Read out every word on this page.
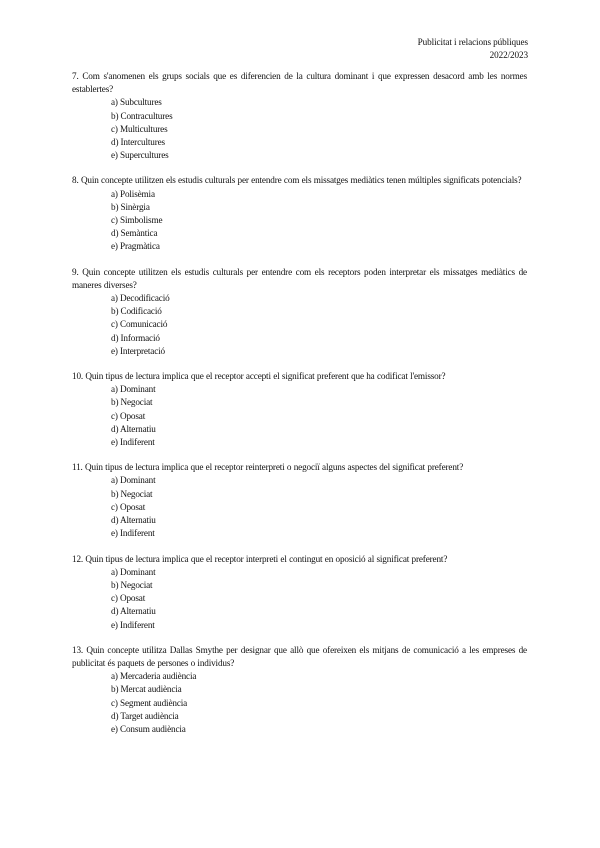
Publicitat i relacions públiques
2022/2023
7. Com s'anomenen els grups socials que es diferencien de la cultura dominant i que expressen desacord amb les normes establertes?
a) Subcultures
b) Contracultures
c) Multicultures
d) Intercultures
e) Supercultures
8. Quin concepte utilitzen els estudis culturals per entendre com els missatges mediàtics tenen múltiples significats potencials?
a) Polisèmia
b) Sinèrgia
c) Simbolisme
d) Semàntica
e) Pragmàtica
9. Quin concepte utilitzen els estudis culturals per entendre com els receptors poden interpretar els missatges mediàtics de maneres diverses?
a) Decodificació
b) Codificació
c) Comunicació
d) Informació
e) Interpretació
10. Quin tipus de lectura implica que el receptor accepti el significat preferent que ha codificat l'emissor?
a) Dominant
b) Negociat
c) Oposat
d) Alternatiu
e) Indiferent
11. Quin tipus de lectura implica que el receptor reinterpreti o negociï alguns aspectes del significat preferent?
a) Dominant
b) Negociat
c) Oposat
d) Alternatiu
e) Indiferent
12. Quin tipus de lectura implica que el receptor interpreti el contingut en oposició al significat preferent?
a) Dominant
b) Negociat
c) Oposat
d) Alternatiu
e) Indiferent
13. Quin concepte utilitza Dallas Smythe per designar que allò que ofereixen els mitjans de comunicació a les empreses de publicitat és paquets de persones o individus?
a) Mercaderia audiència
b) Mercat audiència
c) Segment audiència
d) Target audiència
e) Consum audiència
